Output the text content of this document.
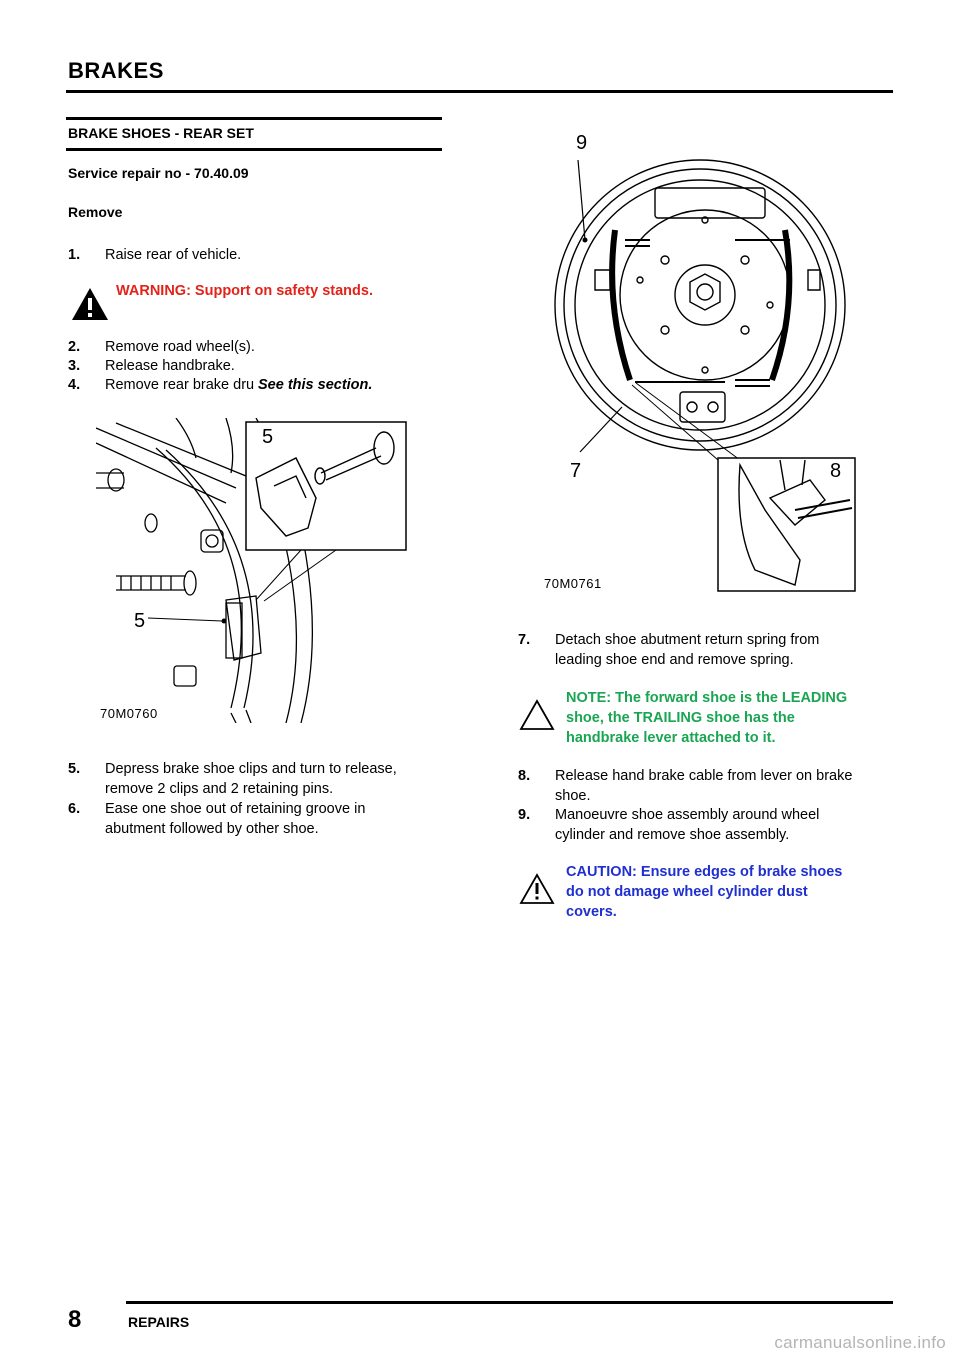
BRAKES
BRAKE SHOES - REAR SET
Service repair no - 70.40.09
Remove
1.	Raise rear of vehicle.
WARNING: Support on safety stands.
2.	Remove road wheel(s).
3.	Release handbrake.
4.	Remove rear brake dru See this section.
5
5
70M0760
5.	Depress brake shoe clips and turn to release,
remove 2 clips and 2 retaining pins.
6.	Ease one shoe out of retaining groove in
abutment followed by other shoe.
9
7	8
70M0761
7.	Detach shoe abutment return spring from
leading shoe end and remove spring.
NOTE: The forward shoe is the LEADING
shoe, the TRAILING shoe has the
handbrake lever attached to it.
8.	Release hand brake cable from lever on brake
shoe.
9.	Manoeuvre shoe assembly around wheel
cylinder and remove shoe assembly.
CAUTION: Ensure edges of brake shoes
do not damage wheel cylinder dust
covers.
8	REPAIRS
carmanualsonline.info
